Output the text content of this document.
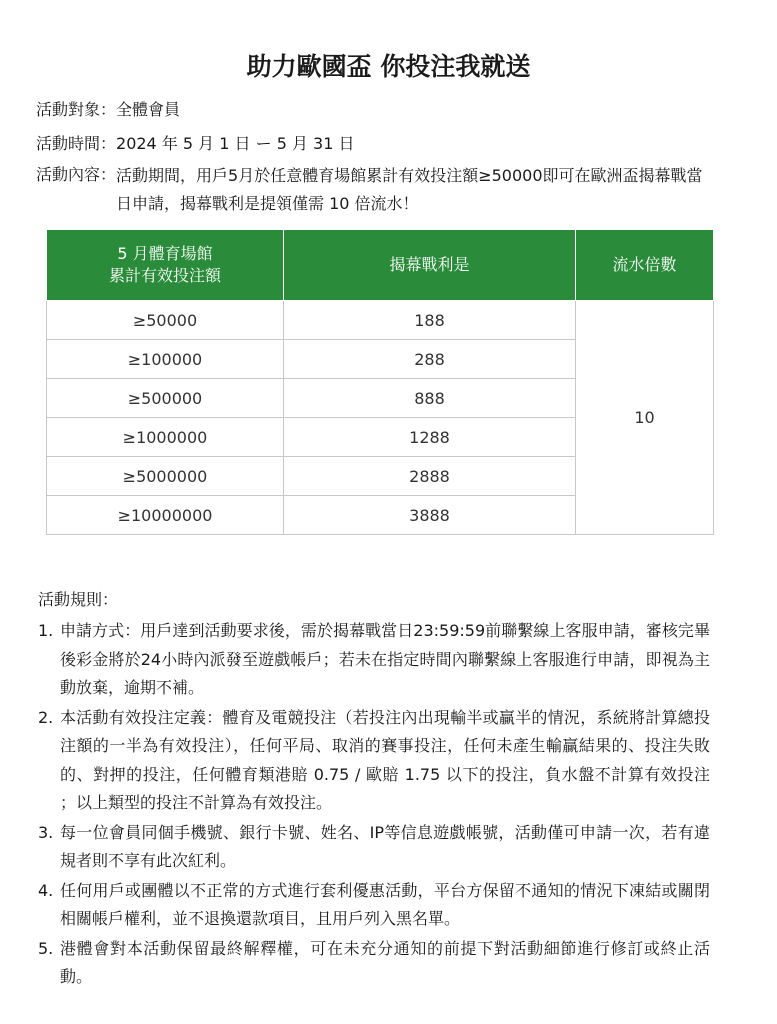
助力歐國盃 你投注我就送
活動對象： 全體會員
活動時間： 2024 年 5 月 1 日 ー 5 月 31 日
活動內容： 活動期間，用戶5月於任意體育場館累計有效投注額≥50000即可在歐洲盃揭幕戰當日申請，揭幕戰利是提領僅需 10 倍流水！
5 月體育場館
累計有效投注額	揭幕戰利是	流水倍數
≥50000	188	10
≥100000	288	
≥500000	888	
≥1000000	1288	
≥5000000	2888	
≥10000000	3888	
活動規則：
1. 申請方式：用戶達到活動要求後，需於揭幕戰當日23:59:59前聯繫線上客服申請，審核完畢後彩金將於24小時內派發至遊戲帳戶；若未在指定時間內聯繫線上客服進行申請，即視為主動放棄，逾期不補。
2. 本活動有效投注定義：體育及電競投注（若投注內出現輸半或贏半的情況，系統將計算總投注額的一半為有效投注），任何平局、取消的賽事投注，任何未產生輸贏結果的、投注失敗的、對押的投注，任何體育類港賠 0.75 / 歐賠 1.75 以下的投注，負水盤不計算有效投注 ；以上類型的投注不計算為有效投注。
3. 每一位會員同個手機號、銀行卡號、姓名、IP等信息遊戲帳號，活動僅可申請一次，若有違規者則不享有此次紅利。
4. 任何用戶或團體以不正常的方式進行套利優惠活動，平台方保留不通知的情況下凍結或關閉相關帳戶權利，並不退換還款項目，且用戶列入黑名單。
5. 港體會對本活動保留最終解釋權，可在未充分通知的前提下對活動細節進行修訂或終止活動。
